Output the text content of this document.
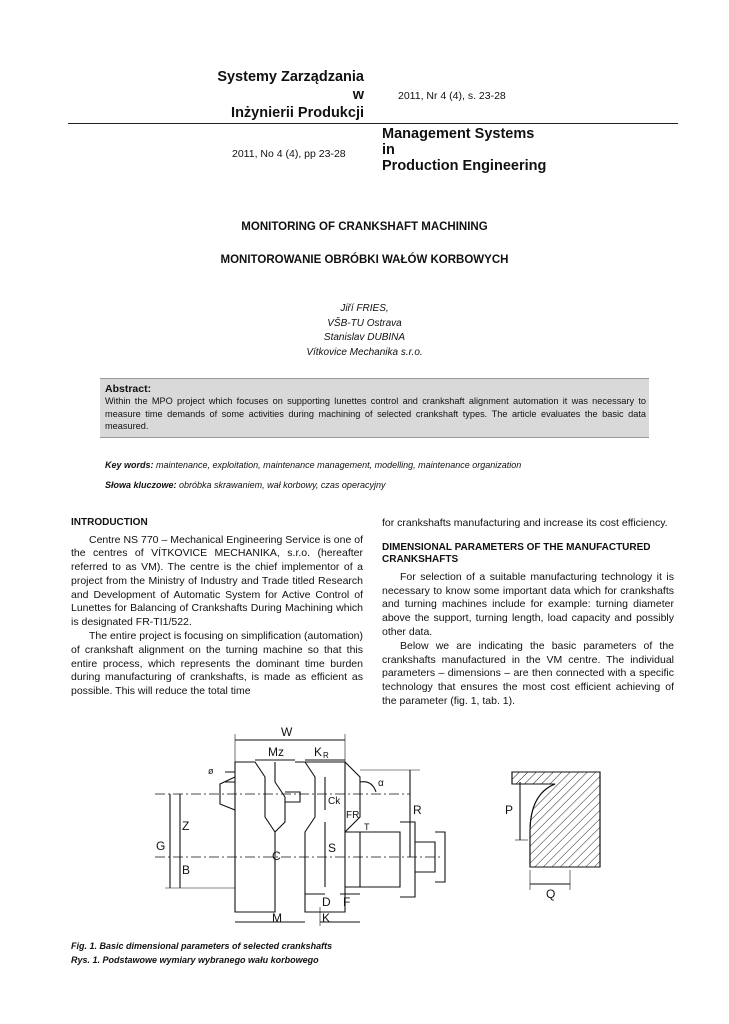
Systemy Zarządzania
w
Inżynierii Produkcji
2011, Nr 4 (4), s. 23-28
2011, No 4 (4), pp 23-28
Management Systems
in
Production Engineering
MONITORING OF CRANKSHAFT MACHINING
MONITOROWANIE OBRÓBKI WAŁÓW KORBOWYCH
Jiří FRIES,
VŠB-TU Ostrava
Stanislav DUBINA
Vítkovice Mechanika s.r.o.
Abstract:
Within the MPO project which focuses on supporting lunettes control and crankshaft alignment automation it was necessary to measure time demands of some activities during machining of selected crankshaft types. The article evaluates the basic data measured.
Key words: maintenance, exploitation, maintenance management, modelling, maintenance organization
Słowa kluczowe: obróbka skrawaniem, wał korbowy, czas operacyjny
INTRODUCTION

Centre NS 770 – Mechanical Engineering Service is one of the centres of VÍTKOVICE MECHANIKA, s.r.o. (hereafter referred to as VM). The centre is the chief implementor of a project from the Ministry of Industry and Trade titled Research and Development of Automatic System for Active Control of Lunettes for Balancing of Crankshafts During Machining which is designated FR-TI1/522.

The entire project is focusing on simplification (automation) of crankshaft alignment on the turning machine so that this entire process, which represents the dominant time burden during manufacturing of crankshafts, is made as efficient as possible. This will reduce the total time

for crankshafts manufacturing and increase its cost efficiency.

DIMENSIONAL PARAMETERS OF THE MANUFACTURED CRANKSHAFTS

For selection of a suitable manufacturing technology it is necessary to know some important data which for crankshafts and turning machines include for example: turning diameter above the support, turning length, load capacity and possibly other data.

Below we are indicating the basic parameters of the crankshafts manufactured in the VM centre. The individual parameters – dimensions – are then connected with a specific technology that ensures the most cost efficient achieving of the parameter (fig. 1, tab. 1).

W
Mz	K R
ø
α
Ck
FR
Z
R
G
C
S
B
D F
M	K
T
P
Q
Fig. 1. Basic dimensional parameters of selected crankshafts
Rys. 1. Podstawowe wymiary wybranego wału korbowego
